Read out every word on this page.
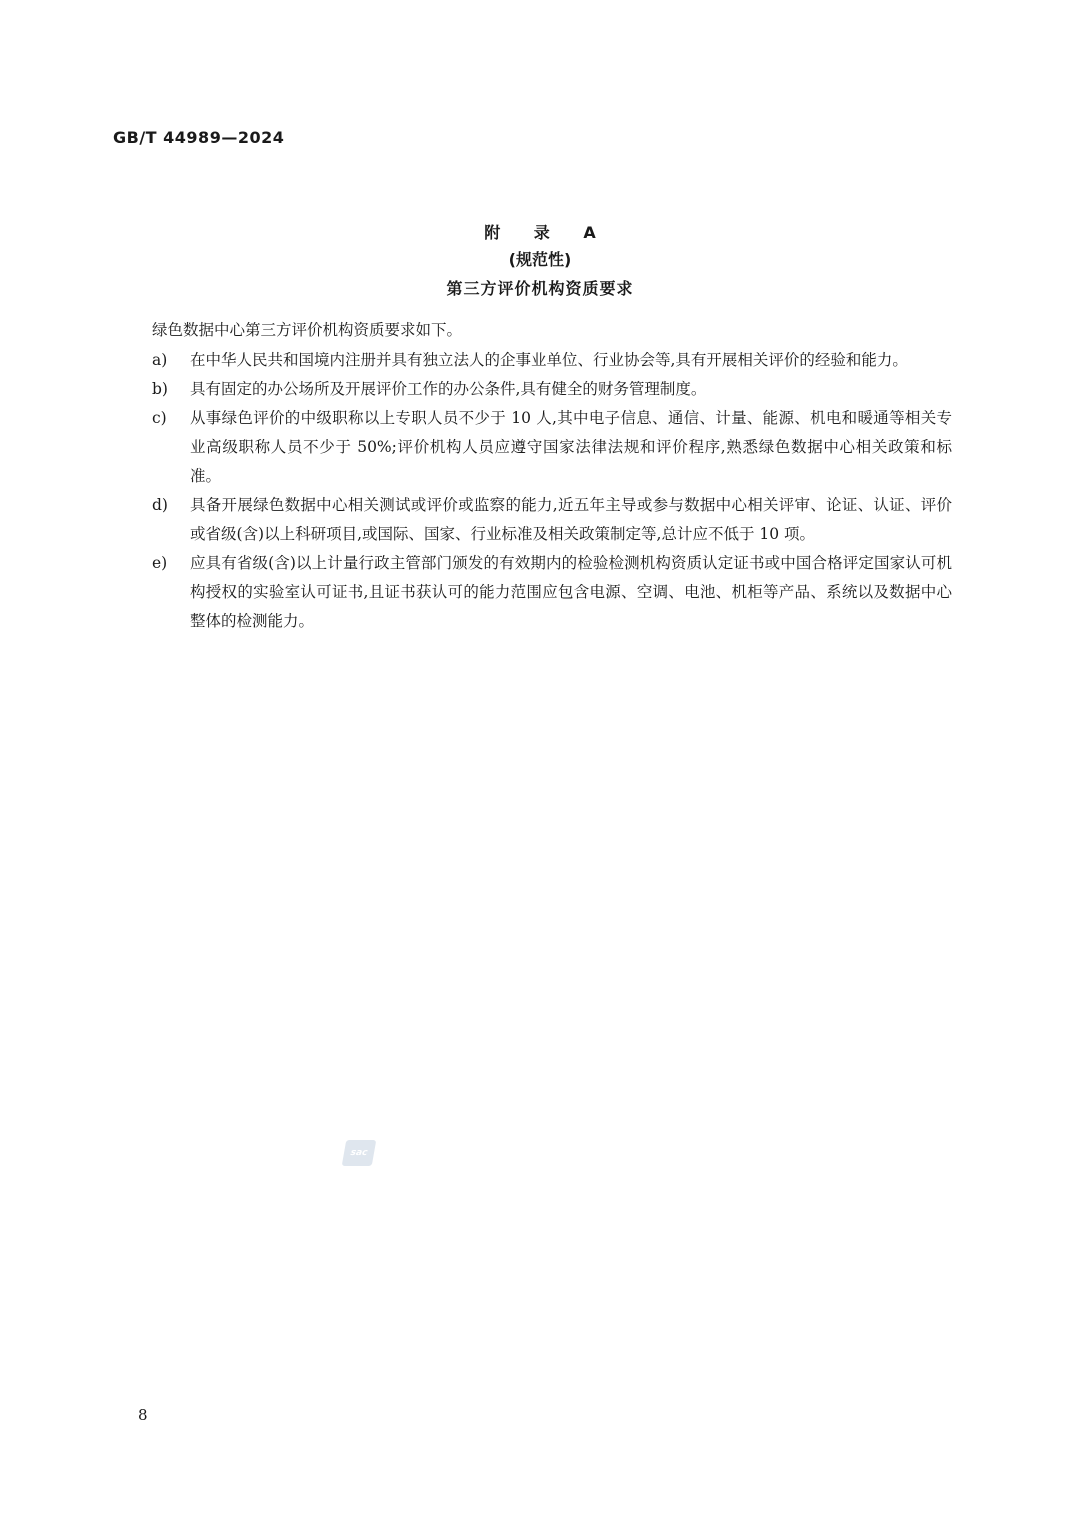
GB/T 44989—2024
附 录 A
(规范性)
第三方评价机构资质要求
绿色数据中心第三方评价机构资质要求如下。
a)	在中华人民共和国境内注册并具有独立法人的企事业单位、行业协会等,具有开展相关评价的经验和能力。
b)	具有固定的办公场所及开展评价工作的办公条件,具有健全的财务管理制度。
c)	从事绿色评价的中级职称以上专职人员不少于 10 人,其中电子信息、通信、计量、能源、机电和暖通等相关专业高级职称人员不少于 50%;评价机构人员应遵守国家法律法规和评价程序,熟悉绿色数据中心相关政策和标准。
d)	具备开展绿色数据中心相关测试或评价或监察的能力,近五年主导或参与数据中心相关评审、论证、认证、评价或省级(含)以上科研项目,或国际、国家、行业标准及相关政策制定等,总计应不低于 10 项。
e)	应具有省级(含)以上计量行政主管部门颁发的有效期内的检验检测机构资质认定证书或中国合格评定国家认可机构授权的实验室认可证书,且证书获认可的能力范围应包含电源、空调、电池、机柜等产品、系统以及数据中心整体的检测能力。
sac
8
